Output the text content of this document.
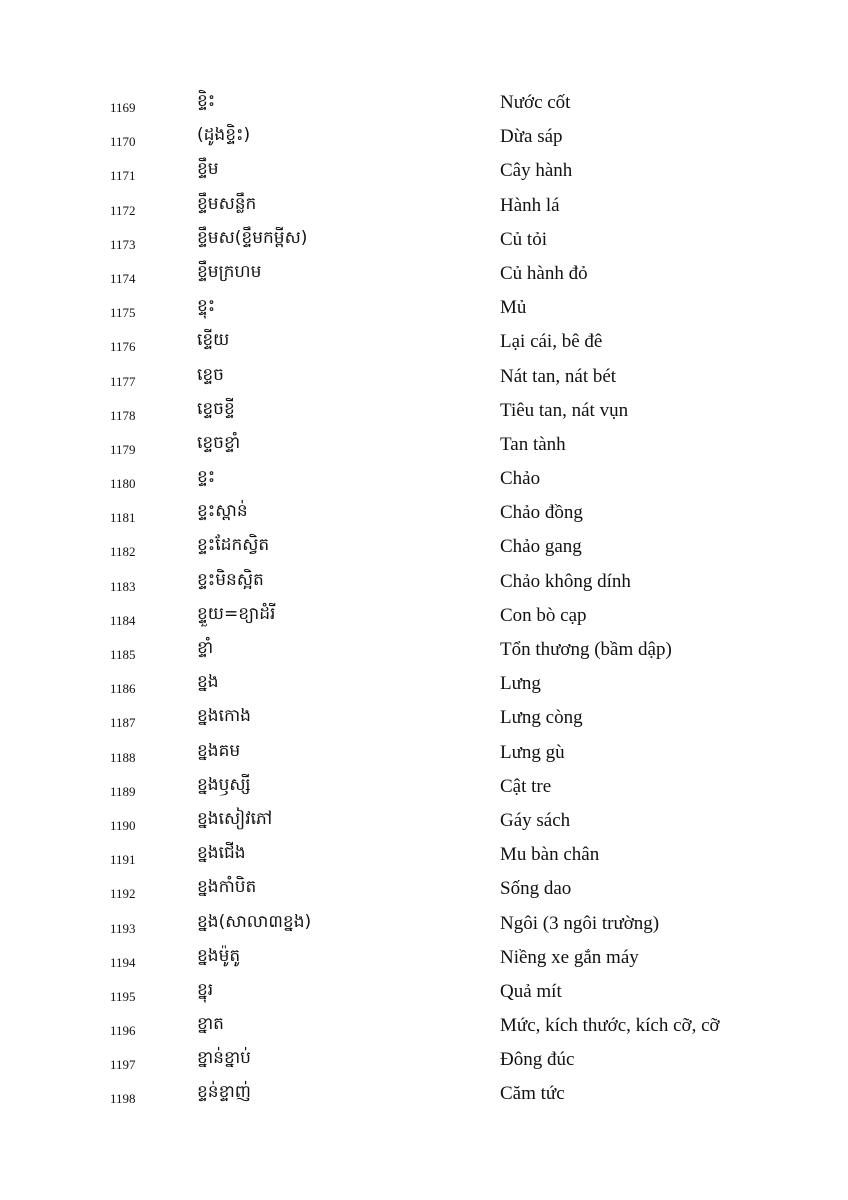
1169	ខ្ទិះ	Nước cốt
1170	(ដូងខ្ទិះ)	Dừa sáp
1171	ខ្ទឹម	Cây hành
1172	ខ្ទឹមសន្លឹក	Hành lá
1173	ខ្ទឹមស(ខ្ទឹមកម្ពីស)	Củ tỏi
1174	ខ្ទឹមក្រហម	Củ hành đỏ
1175	ខ្ទុះ	Mủ
1176	ខ្ទើយ	Lại cái, bê đê
1177	ខ្ទេច	Nát tan, nát bét
1178	ខ្ទេចខ្ទី	Tiêu tan, nát vụn
1179	ខ្ទេចខ្ទាំ	Tan tành
1180	ខ្ទះ	Chảo
1181	ខ្ទះស្ពាន់	Chảo đồng
1182	ខ្ទះដែកស្វិត	Chảo gang
1183	ខ្ទះមិនស្អិត	Chảo không dính
1184	ខ្ទួយ=ខ្យាដំរី	Con bò cạp
1185	ខ្ទាំ	Tổn thương (bầm dập)
1186	ខ្នង	Lưng
1187	ខ្នងកោង	Lưng còng
1188	ខ្នងគម	Lưng gù
1189	ខ្នងឫស្សី	Cật tre
1190	ខ្នងសៀវភៅ	Gáy sách
1191	ខ្នងជើង	Mu bàn chân
1192	ខ្នងកាំបិត	Sống dao
1193	ខ្នង(សាលា៣ខ្នង)	Ngôi (3 ngôi trường)
1194	ខ្នងម៉ូតូ	Niềng xe gắn máy
1195	ខ្នុរ	Quả mít
1196	ខ្នាត	Mức, kích thước, kích cỡ, cỡ
1197	ខ្នាន់ខ្នាប់	Đông đúc
1198	ខ្ទន់ខ្ទាញ់	Căm tức
